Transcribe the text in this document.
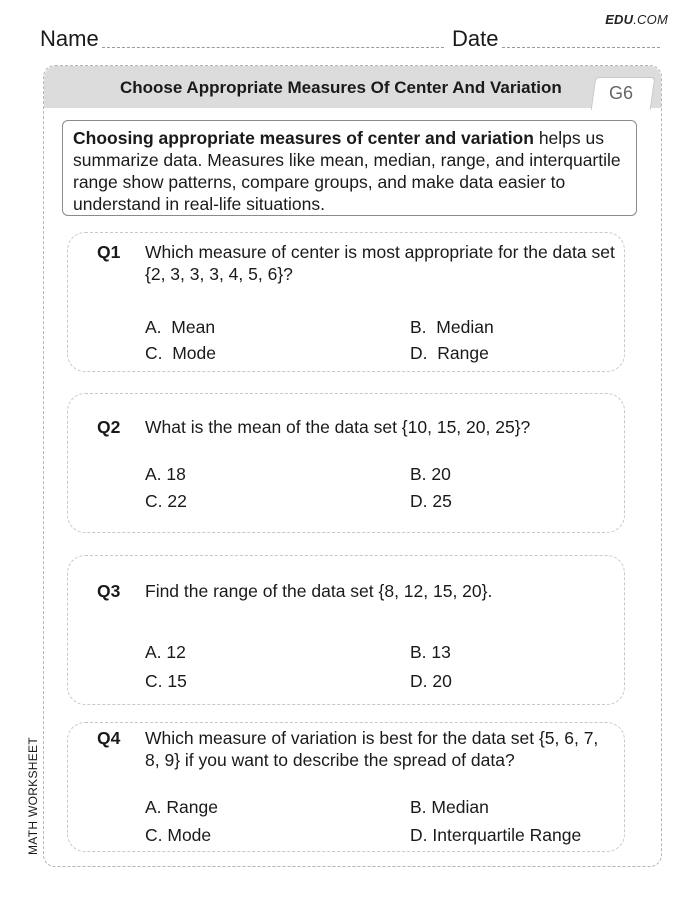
EDU.COM
Name	Date
Choose Appropriate Measures Of Center And Variation	G6
Choosing appropriate measures of center and variation helps us summarize data. Measures like mean, median, range, and interquartile range show patterns, compare groups, and make data easier to understand in real-life situations.
Q1 Which measure of center is most appropriate for the data set {2, 3, 3, 3, 4, 5, 6}?
A. Mean	B. Median
C. Mode	D. Range
Q2 What is the mean of the data set {10, 15, 20, 25}?
A. 18	B. 20
C. 22	D. 25
Q3 Find the range of the data set {8, 12, 15, 20}.
A. 12	B. 13
C. 15	D. 20
Q4 Which measure of variation is best for the data set {5, 6, 7, 8, 9} if you want to describe the spread of data?
A. Range	B. Median
C. Mode	D. Interquartile Range
MATH WORKSHEET
